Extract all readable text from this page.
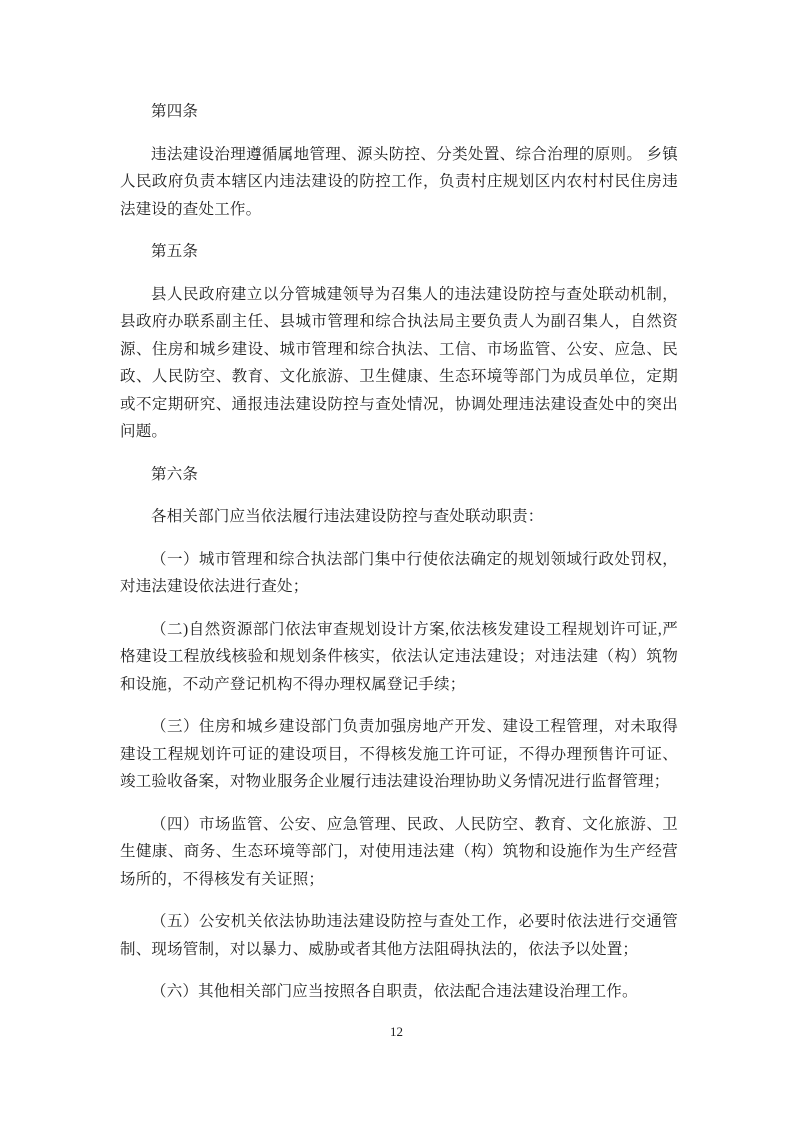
第四条

违法建设治理遵循属地管理、源头防控、分类处置、综合治理的原则。 乡镇人民政府负责本辖区内违法建设的防控工作，负责村庄规划区内农村村民住房违法建设的查处工作。

第五条

县人民政府建立以分管城建领导为召集人的违法建设防控与查处联动机制，县政府办联系副主任、县城市管理和综合执法局主要负责人为副召集人，自然资源、住房和城乡建设、城市管理和综合执法、工信、市场监管、公安、应急、民政、人民防空、教育、文化旅游、卫生健康、生态环境等部门为成员单位，定期或不定期研究、通报违法建设防控与查处情况，协调处理违法建设查处中的突出问题。

第六条

各相关部门应当依法履行违法建设防控与查处联动职责：

（一）城市管理和综合执法部门集中行使依法确定的规划领域行政处罚权，对违法建设依法进行查处；

（二)自然资源部门依法审查规划设计方案,依法核发建设工程规划许可证,严格建设工程放线核验和规划条件核实，依法认定违法建设；对违法建（构）筑物和设施，不动产登记机构不得办理权属登记手续；

（三）住房和城乡建设部门负责加强房地产开发、建设工程管理，对未取得建设工程规划许可证的建设项目，不得核发施工许可证，不得办理预售许可证、竣工验收备案，对物业服务企业履行违法建设治理协助义务情况进行监督管理；

（四）市场监管、公安、应急管理、民政、人民防空、教育、文化旅游、卫生健康、商务、生态环境等部门，对使用违法建（构）筑物和设施作为生产经营场所的，不得核发有关证照；

（五）公安机关依法协助违法建设防控与查处工作，必要时依法进行交通管制、现场管制，对以暴力、威胁或者其他方法阻碍执法的，依法予以处置；

（六）其他相关部门应当按照各自职责，依法配合违法建设治理工作。

12
